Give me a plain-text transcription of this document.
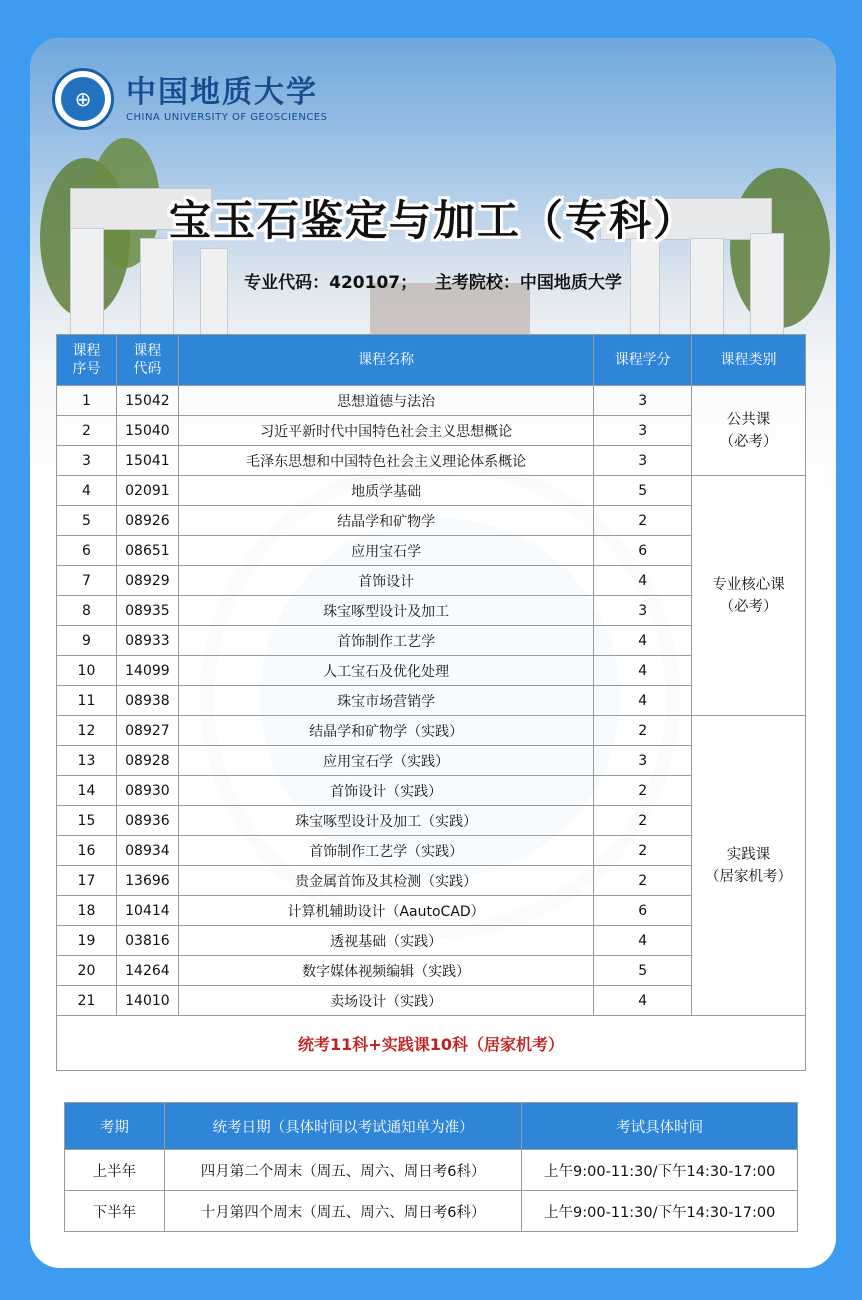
⊕	中国地质大学
CHINA UNIVERSITY OF GEOSCIENCES
宝玉石鉴定与加工（专科）
专业代码：420107；   主考院校：中国地质大学
课程序号	课程代码	课程名称	课程学分	课程类别
1	15042	思想道德与法治	3	公共课
（必考）

2	15040	习近平新时代中国特色社会主义思想概论	3	
3	15041	毛泽东思想和中国特色社会主义理论体系概论	3	
4	02091	地质学基础	5	专业核心课
（必考）

5	08926	结晶学和矿物学	2	
6	08651	应用宝石学	6	
7	08929	首饰设计	4	
8	08935	珠宝啄型设计及加工	3	
9	08933	首饰制作工艺学	4	
10	14099	人工宝石及优化处理	4	
11	08938	珠宝市场营销学	4	
12	08927	结晶学和矿物学（实践）	2	实践课
（居家机考）

13	08928	应用宝石学（实践）	3	
14	08930	首饰设计（实践）	2	
15	08936	珠宝啄型设计及加工（实践）	2	
16	08934	首饰制作工艺学（实践）	2	
17	13696	贵金属首饰及其检测（实践）	2	
18	10414	计算机辅助设计（AautoCAD）	6	
19	03816	透视基础（实践）	4	
20	14264	数字媒体视频编辑（实践）	5	
21	14010	卖场设计（实践）	4	
统考11科+实践课10科（居家机考）				
考期	统考日期（具体时间以考试通知单为准）	考试具体时间
上半年	四月第二个周末（周五、周六、周日考6科）	上午9:00-11:30/下午14:30-17:00
下半年	十月第四个周末（周五、周六、周日考6科）	上午9:00-11:30/下午14:30-17:00
